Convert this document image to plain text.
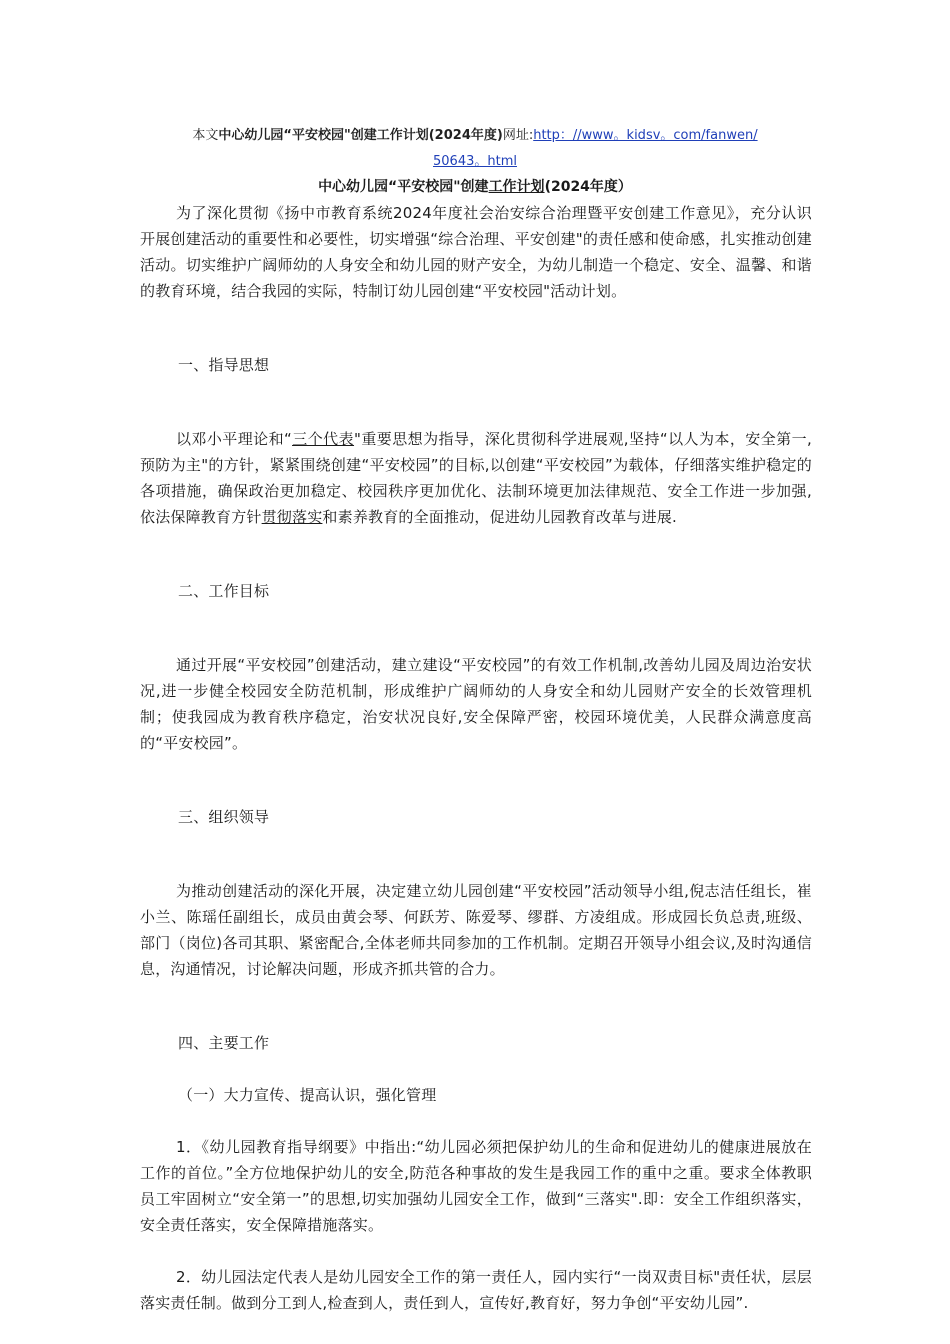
本文中心幼儿园“平安校园"创建工作计划(2024年度)网址:http：//www。kidsv。com/fanwen/
50643。html
中心幼儿园“平安校园"创建工作计划(2024年度）

为了深化贯彻《扬中市教育系统2024年度社会治安综合治理暨平安创建工作意见》，充分认识开展创建活动的重要性和必要性，切实增强“综合治理、平安创建"的责任感和使命感，扎实推动创建活动。切实维护广阔师幼的人身安全和幼儿园的财产安全，为幼儿制造一个稳定、安全、温馨、和谐的教育环境，结合我园的实际，特制订幼儿园创建“平安校园"活动计划。

一、指导思想

以邓小平理论和“三个代表"重要思想为指导，深化贯彻科学进展观,坚持“以人为本，安全第一,预防为主"的方针，紧紧围绕创建“平安校园”的目标,以创建“平安校园”为载体，仔细落实维护稳定的各项措施，确保政治更加稳定、校园秩序更加优化、法制环境更加法律规范、安全工作进一步加强,依法保障教育方针贯彻落实和素养教育的全面推动，促进幼儿园教育改革与进展.

二、工作目标

通过开展“平安校园”创建活动，建立建设“平安校园”的有效工作机制,改善幼儿园及周边治安状况,进一步健全校园安全防范机制，形成维护广阔师幼的人身安全和幼儿园财产安全的长效管理机制；使我园成为教育秩序稳定，治安状况良好,安全保障严密，校园环境优美，人民群众满意度高的“平安校园”。

三、组织领导

为推动创建活动的深化开展，决定建立幼儿园创建“平安校园”活动领导小组,倪志洁任组长，崔小兰、陈瑶任副组长，成员由黄会琴、何跃芳、陈爱琴、缪群、方凌组成。形成园长负总责,班级、部门（岗位)各司其职、紧密配合,全体老师共同参加的工作机制。定期召开领导小组会议,及时沟通信息，沟通情况，讨论解决问题，形成齐抓共管的合力。

四、主要工作

（一）大力宣传、提高认识，强化管理

1．《幼儿园教育指导纲要》中指出:“幼儿园必须把保护幼儿的生命和促进幼儿的健康进展放在工作的首位。”全方位地保护幼儿的安全,防范各种事故的发生是我园工作的重中之重。要求全体教职员工牢固树立“安全第一”的思想,切实加强幼儿园安全工作，做到“三落实".即：安全工作组织落实，安全责任落实，安全保障措施落实。

2．幼儿园法定代表人是幼儿园安全工作的第一责任人，园内实行“一岗双责目标"责任状，层层落实责任制。做到分工到人,检查到人，责任到人，宣传好,教育好，努力争创“平安幼儿园”.
